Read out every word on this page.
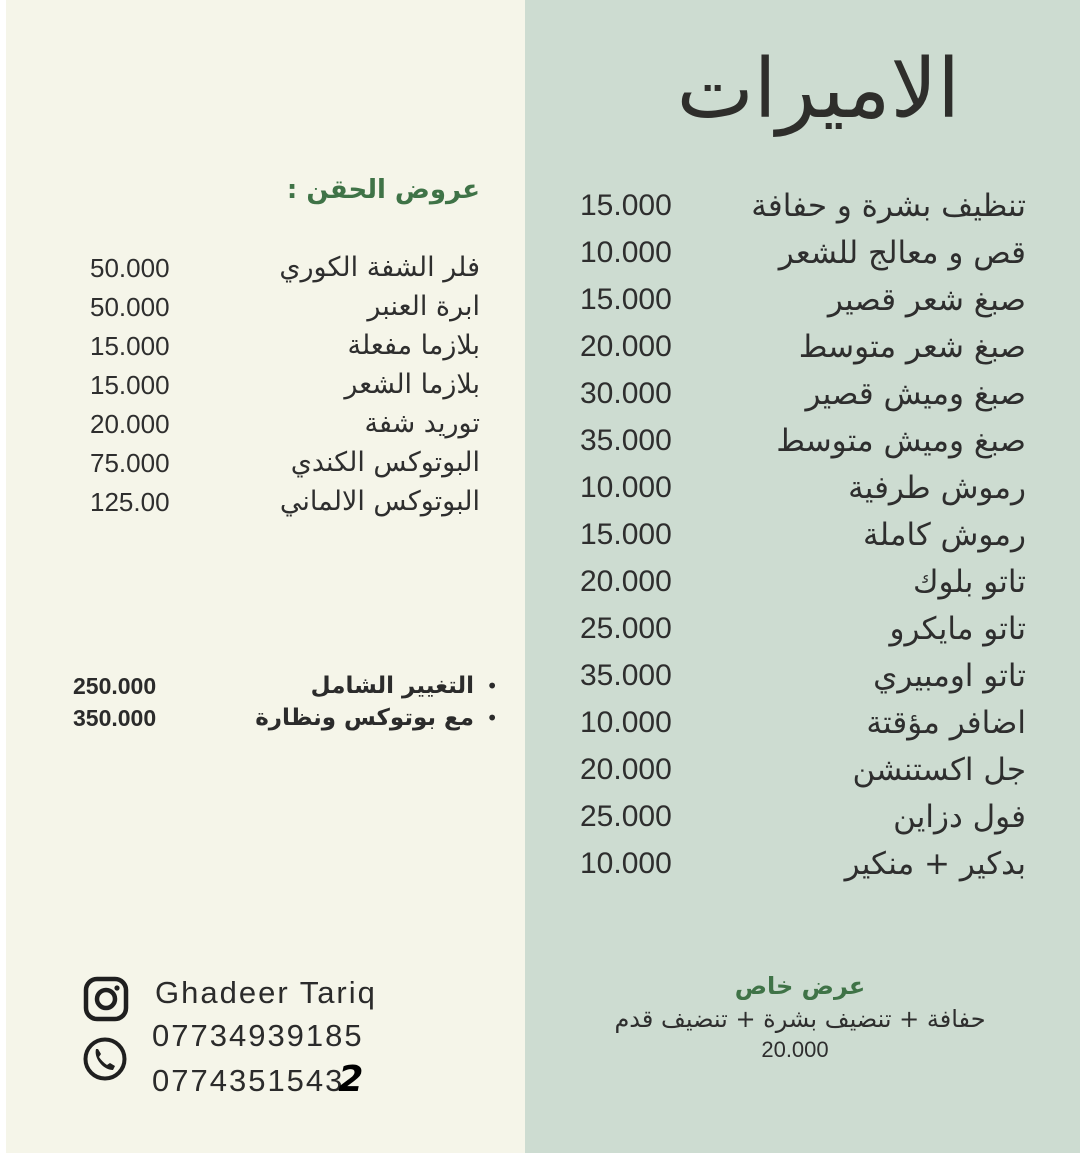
الاميرات
تنظيف بشرة و حفافة
15.000
قص و معالج للشعر
10.000
صبغ شعر قصير
15.000
صبغ شعر متوسط
20.000
صبغ وميش قصير
30.000
صبغ وميش متوسط
35.000
رموش طرفية
10.000
رموش كاملة
15.000
تاتو بلوك
20.000
تاتو مايكرو
25.000
تاتو اومبيري
35.000
اضافر مؤقتة
10.000
جل اكستنشن
20.000
فول دزاين
25.000
بدكير + منكير
10.000
عروض الحقن :
فلر الشفة الكوري
50.000
ابرة العنبر
50.000
بلازما مفعلة
15.000
بلازما الشعر
15.000
توريد شفة
20.000
البوتوكس الكندي
75.000
البوتوكس الالماني
125.00
•
التغيير الشامل
250.000
•
مع بوتوكس ونظارة
350.000
عرض خاص
حفافة + تنضيف بشرة + تنضيف قدم
20.000
Ghadeer Tariq
07734939185
07743515432
